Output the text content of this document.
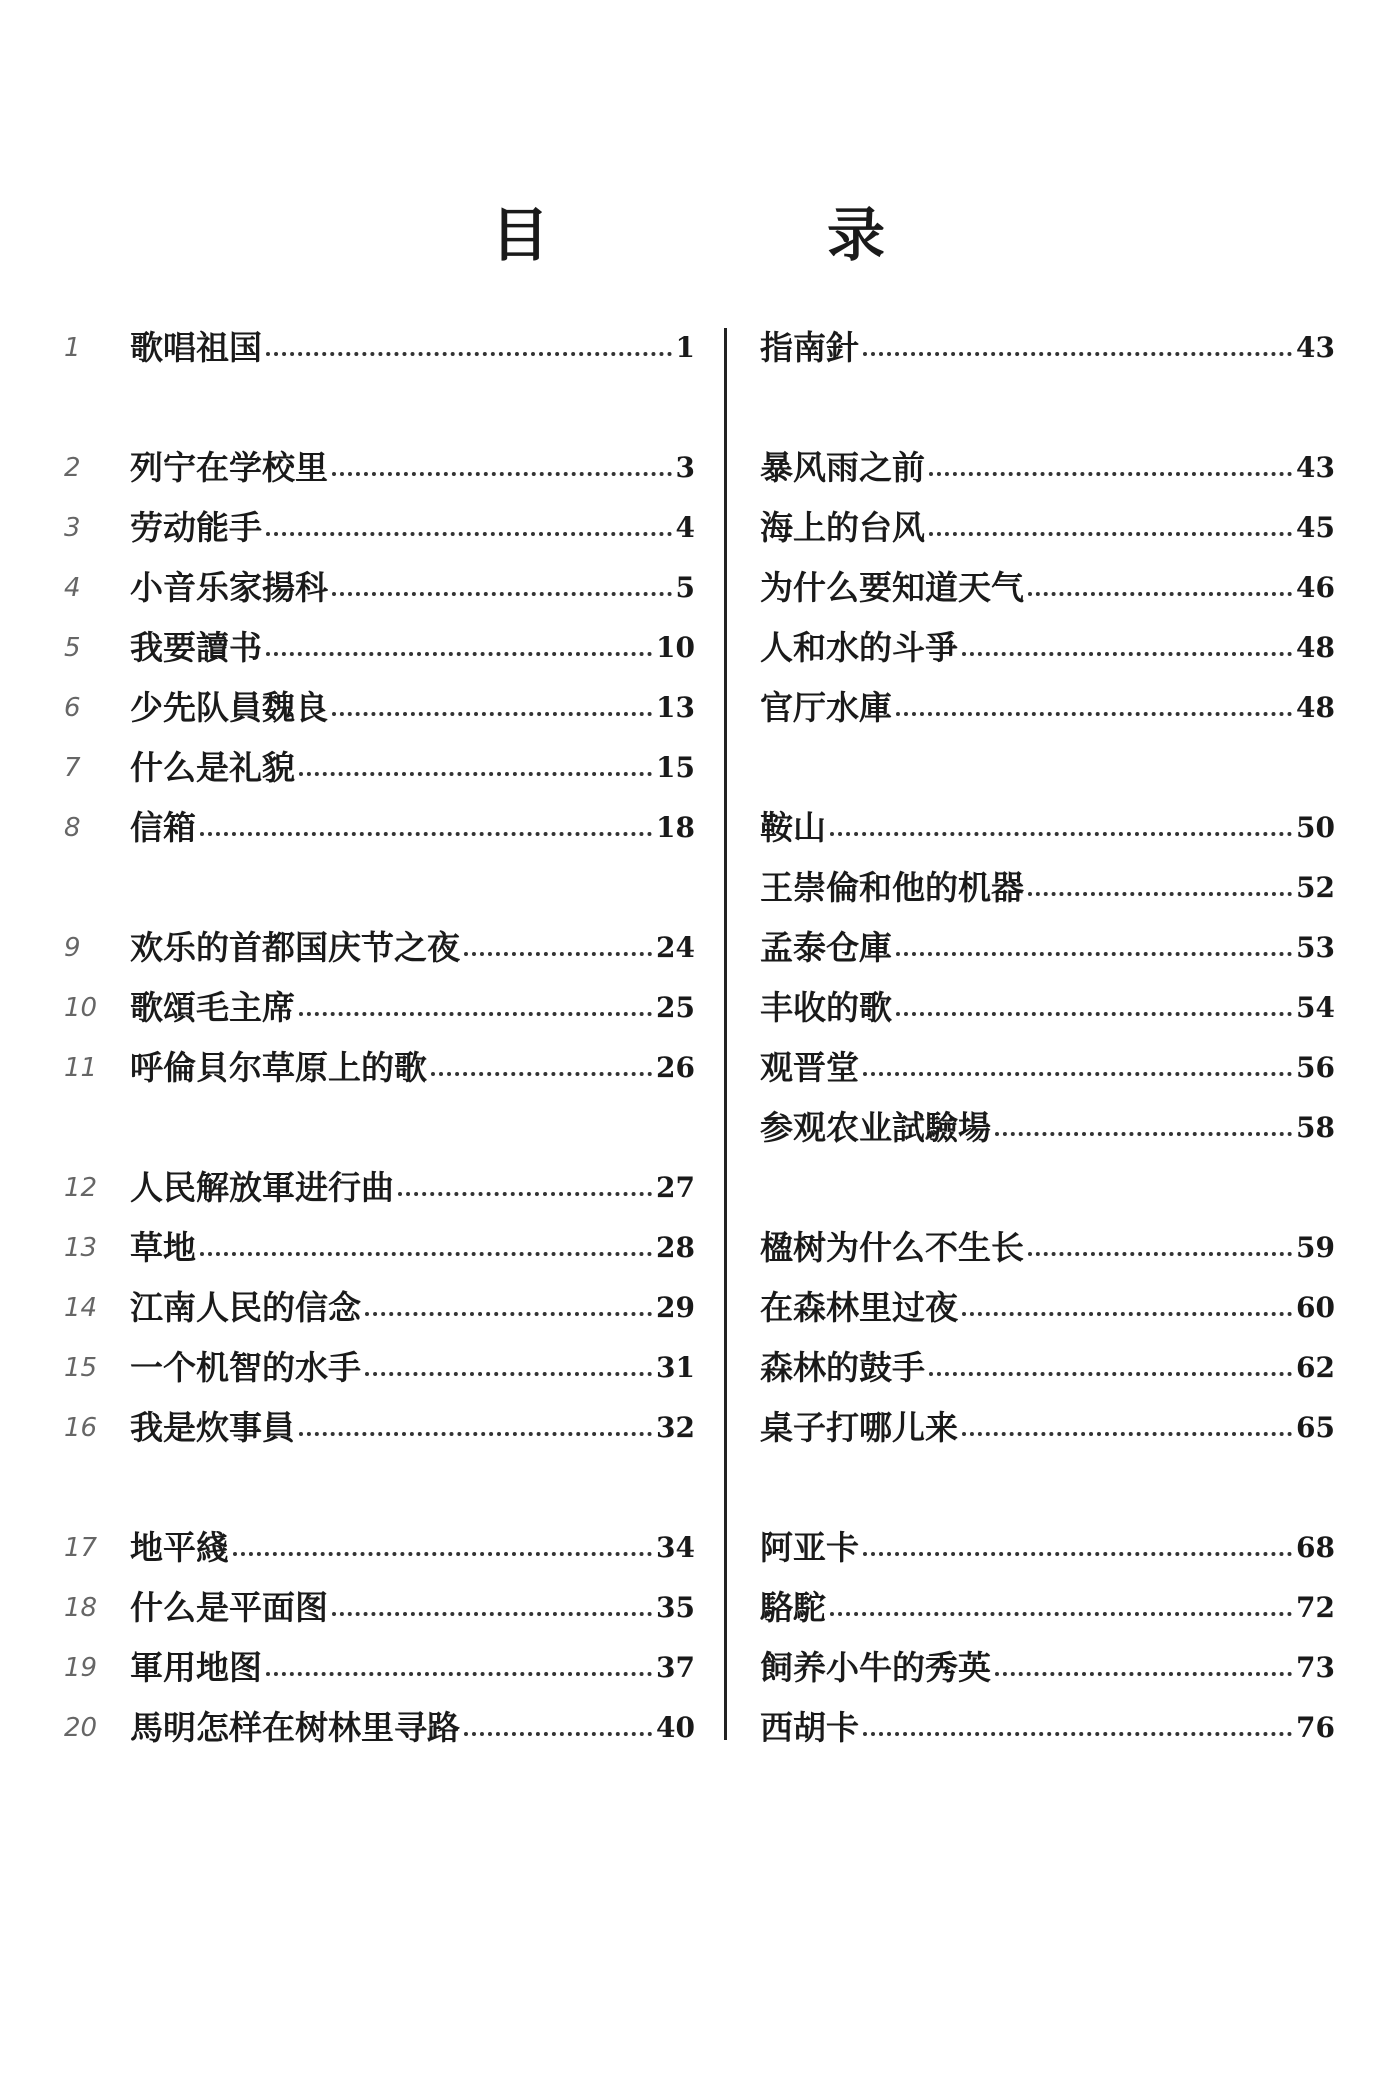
目　录
1	歌唱祖国	1
2	列宁在学校里	3
3	劳动能手	4
4	小音乐家揚科	5
5	我要讀书	10
6	少先队員魏良	13
7	什么是礼貌	15
8	信箱	18
9	欢乐的首都国庆节之夜	24
10 歌頌毛主席	25
11 呼倫貝尔草原上的歌	26
12 人民解放軍进行曲	27
13 草地	28
14 江南人民的信念	29
15 一个机智的水手	31
16 我是炊事員	32
17 地平綫	34
18 什么是平面图	35
19 軍用地图	37
20 馬明怎样在树林里寻路	40
指南針	43
暴风雨之前	43
海上的台风	45
为什么要知道天气	46
人和水的斗爭	48
官厅水庫	48
鞍山	50
王崇倫和他的机器	52
孟泰仓庫	53
丰收的歌	54
观晋堂	56
参观农业試驗場	58
楹树为什么不生长	59
在森林里过夜	60
森林的鼓手	62
桌子打哪儿来	65
阿亚卡	68
駱駝	72
飼养小牛的秀英	73
西胡卡	76
